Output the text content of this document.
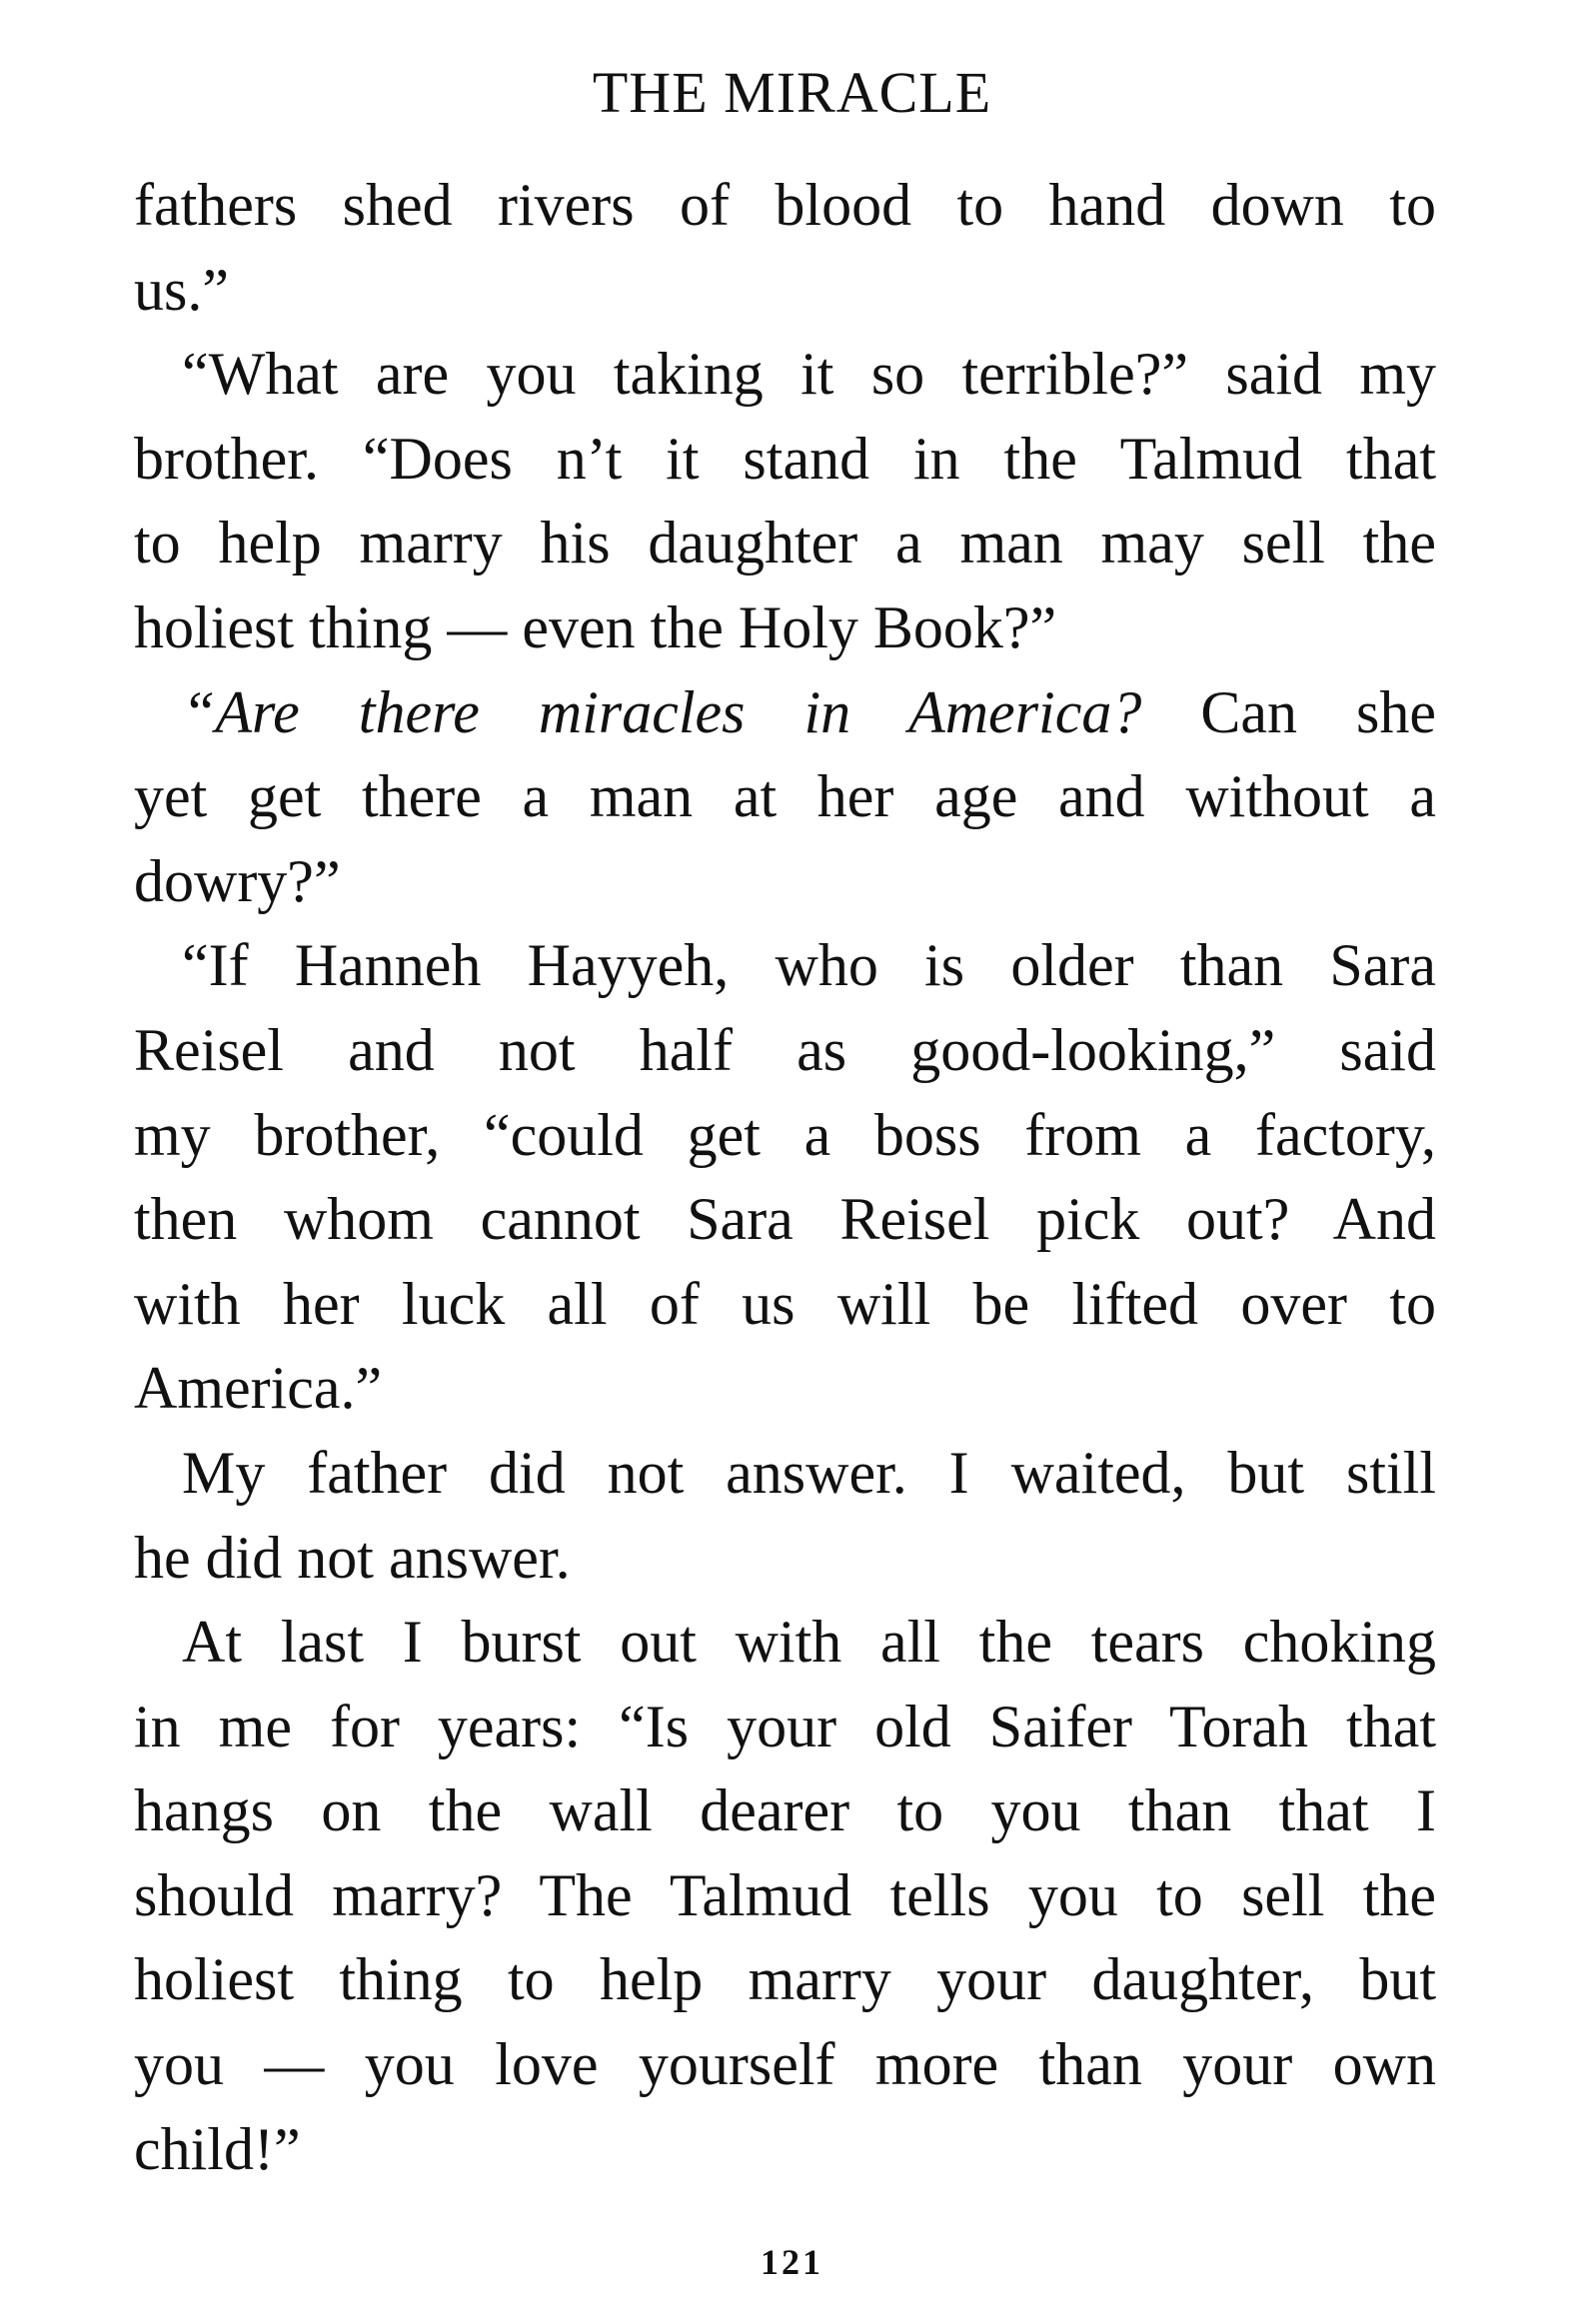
THE MIRACLE
fathers shed rivers of blood to hand down to
us.”
“What are you taking it so terrible?” said my
brother. “Does n’t it stand in the Talmud that
to help marry his daughter a man may sell the
holiest thing — even the Holy Book?”
“Are there miracles in America? Can she
yet get there a man at her age and without a
dowry?”
“If Hanneh Hayyeh, who is older than Sara
Reisel and not half as good-looking,” said
my brother, “could get a boss from a factory,
then whom cannot Sara Reisel pick out? And
with her luck all of us will be lifted over to
America.”
My father did not answer. I waited, but still
he did not answer.
At last I burst out with all the tears choking
in me for years: “Is your old Saifer Torah that
hangs on the wall dearer to you than that I
should marry? The Talmud tells you to sell the
holiest thing to help marry your daughter, but
you — you love yourself more than your own
child!”
121
